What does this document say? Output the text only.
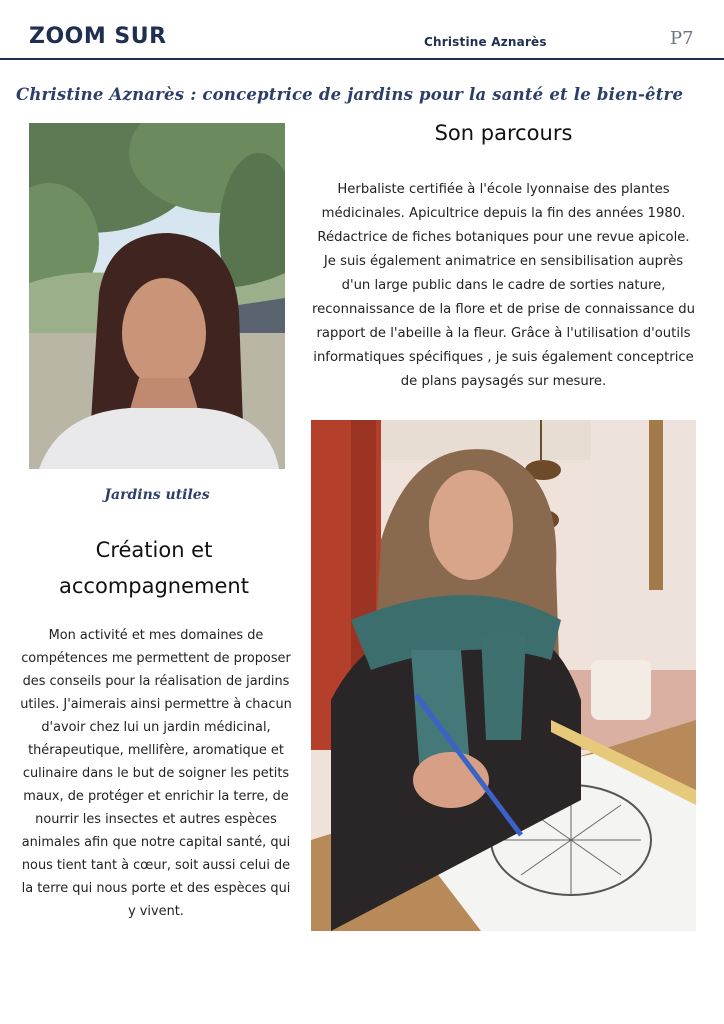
ZOOM SUR	Christine Aznarès	P7
Christine Aznarès : conceptrice de jardins pour la santé et le bien-être
Son parcours
Herbaliste certifiée à l'école lyonnaise des plantes médicinales. Apicultrice depuis la fin des années 1980. Rédactrice de fiches botaniques pour une revue apicole. Je suis également animatrice en sensibilisation auprès d'un large public dans le cadre de sorties nature, reconnaissance de la flore et de prise de connaissance du rapport de l'abeille à la fleur. Grâce à l'utilisation d'outils informatiques spécifiques , je suis également conceptrice de plans paysagés sur mesure.
Jardins utiles
Création et accompagnement
Mon activité et mes domaines de compétences me permettent de proposer des conseils pour la réalisation de jardins utiles. J'aimerais ainsi permettre à chacun d'avoir chez lui un jardin médicinal, thérapeutique, mellifère, aromatique et culinaire dans le but de soigner les petits maux, de protéger et enrichir la terre, de nourrir les insectes et autres espèces animales afin que notre capital santé, qui nous tient tant à cœur, soit aussi celui de la terre qui nous porte et des espèces qui y vivent.
